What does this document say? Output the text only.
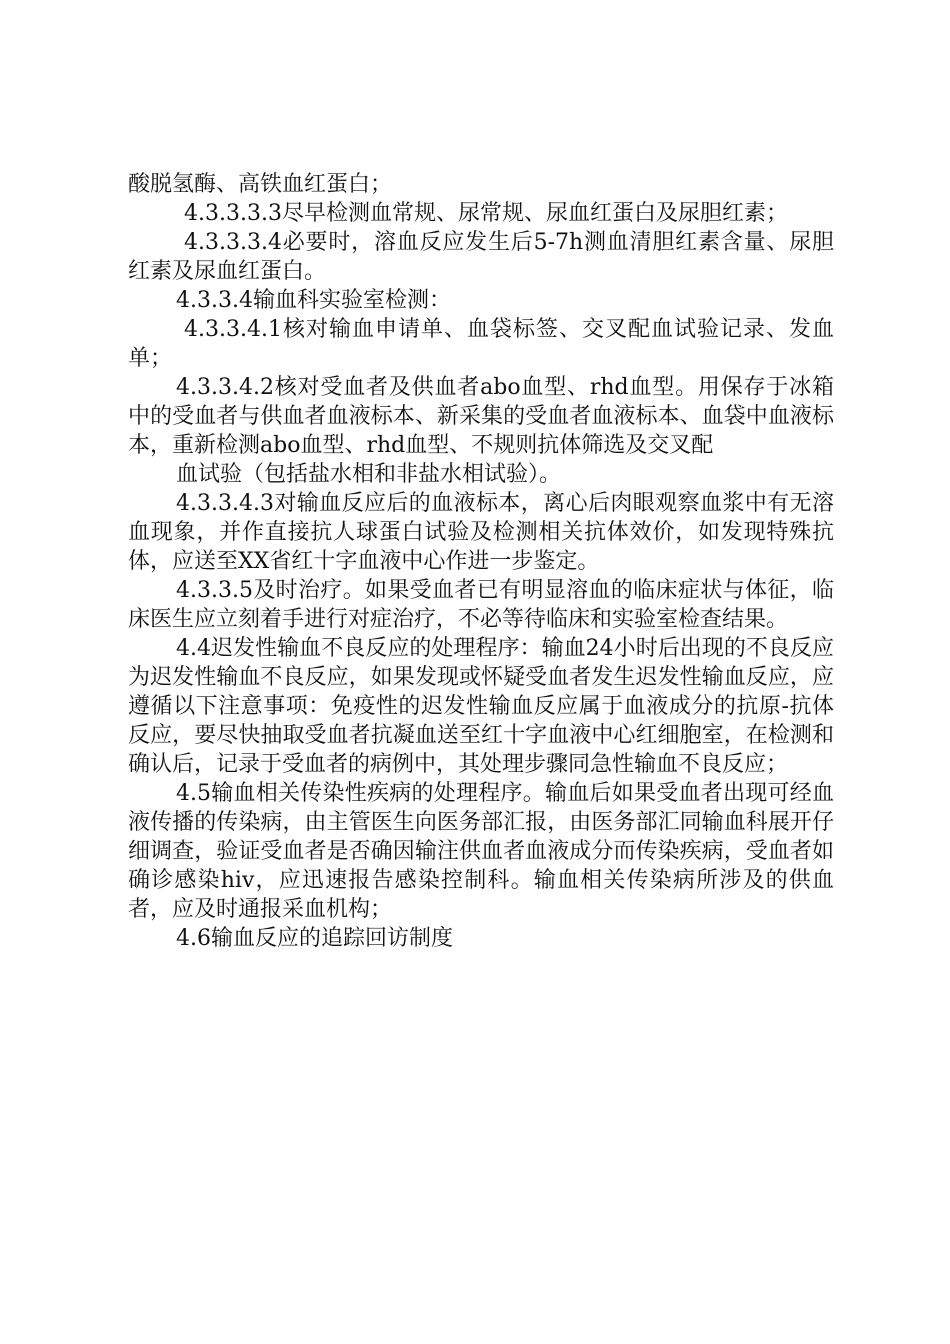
酸脱氢酶、高铁血红蛋白；

4.3.3.3.3尽早检测血常规、尿常规、尿血红蛋白及尿胆红素；

4.3.3.3.4必要时，溶血反应发生后5-7h测血清胆红素含量、尿胆红素及尿血红蛋白。

4.3.3.4输血科实验室检测：

4.3.3.4.1核对输血申请单、血袋标签、交叉配血试验记录、发血单；

4.3.3.4.2核对受血者及供血者abo血型、rhd血型。用保存于冰箱中的受血者与供血者血液标本、新采集的受血者血液标本、血袋中血液标本，重新检测abo血型、rhd血型、不规则抗体筛选及交叉配

血试验（包括盐水相和非盐水相试验）。

4.3.3.4.3对输血反应后的血液标本，离心后肉眼观察血浆中有无溶血现象，并作直接抗人球蛋白试验及检测相关抗体效价，如发现特殊抗体，应送至XX省红十字血液中心作进一步鉴定。

4.3.3.5及时治疗。如果受血者已有明显溶血的临床症状与体征，临床医生应立刻着手进行对症治疗，不必等待临床和实验室检查结果。

4.4迟发性输血不良反应的处理程序：输血24小时后出现的不良反应为迟发性输血不良反应，如果发现或怀疑受血者发生迟发性输血反应，应遵循以下注意事项：免疫性的迟发性输血反应属于血液成分的抗原-抗体反应，要尽快抽取受血者抗凝血送至红十字血液中心红细胞室，在检测和确认后，记录于受血者的病例中，其处理步骤同急性输血不良反应；

4.5输血相关传染性疾病的处理程序。输血后如果受血者出现可经血液传播的传染病，由主管医生向医务部汇报，由医务部汇同输血科展开仔细调查，验证受血者是否确因输注供血者血液成分而传染疾病，受血者如确诊感染hiv，应迅速报告感染控制科。输血相关传染病所涉及的供血者，应及时通报采血机构；

4.6输血反应的追踪回访制度
